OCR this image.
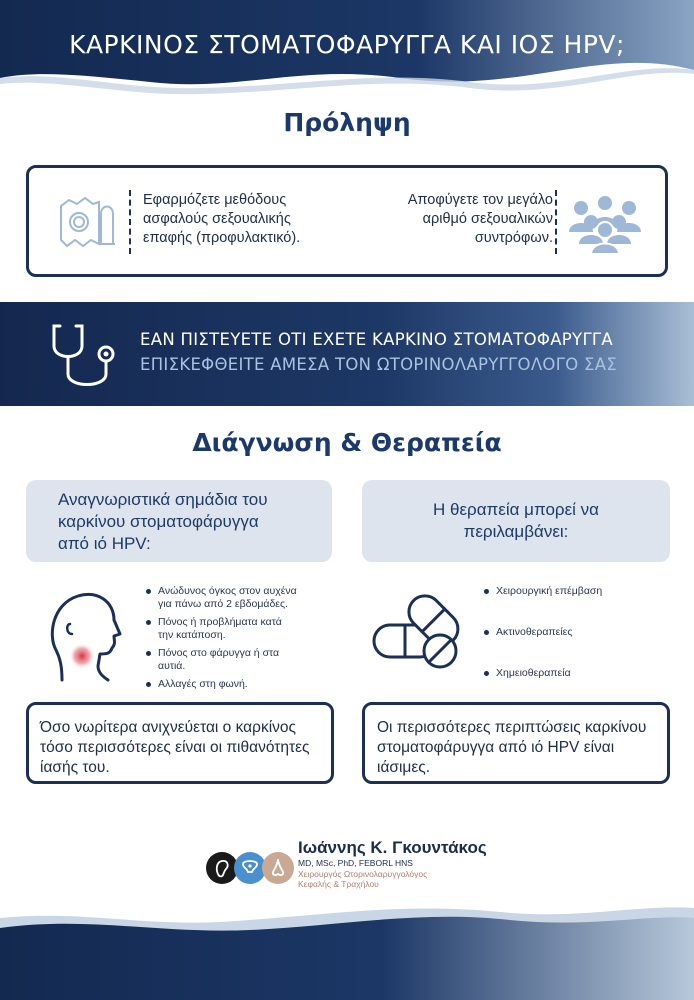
ΚΑΡΚΙΝΟΣ ΣΤΟΜΑΤΟΦΑΡΥΓΓΑ ΚΑΙ ΙΟΣ HPV;
Πρόληψη
Εφαρμόζετε μεθόδους
ασφαλούς σεξουαλικής
επαφής (προφυλακτικό).
Αποφύγετε τον μεγάλο
αριθμό σεξουαλικών
συντρόφων.
ΕΑΝ ΠΙΣΤΕΥΕΤΕ ΟΤΙ ΕΧΕΤΕ ΚΑΡΚΙΝΟ ΣΤΟΜΑΤΟΦΑΡΥΓΓΑ
ΕΠΙΣΚΕΦΘΕΙΤΕ ΑΜΕΣΑ ΤΟΝ ΩΤΟΡΙΝΟΛΑΡΥΓΓΟΛΟΓΟ ΣΑΣ
Διάγνωση & Θεραπεία
Αναγνωριστικά σημάδια του
καρκίνου στοματοφάρυγγα
από ιό HPV:
Η θεραπεία μπορεί να
περιλαμβάνει:
Ανώδυνος όγκος στον αυχένα
για πάνω από 2 εβδομάδες.
Πόνος ή προβλήματα κατά
την κατάποση.
Πόνος στο φάρυγγα ή στα
αυτιά.
Αλλαγές στη φωνή.
Χειρουργική επέμβαση
Ακτινοθεραπείες
Χημειοθεραπεία
Όσο νωρίτερα ανιχνεύεται ο καρκίνος
τόσο περισσότερες είναι οι πιθανότητες
ίασής του.
Οι περισσότερες περιπτώσεις καρκίνου
στοματοφάρυγγα από ιό HPV είναι
ιάσιμες.
Ιωάννης Κ. Γκουντάκος
MD, MSc, PhD, FEBORL HNS
Χειρουργός Ωτορινολαρυγγολόγος
Κεφαλής & Τραχήλου
